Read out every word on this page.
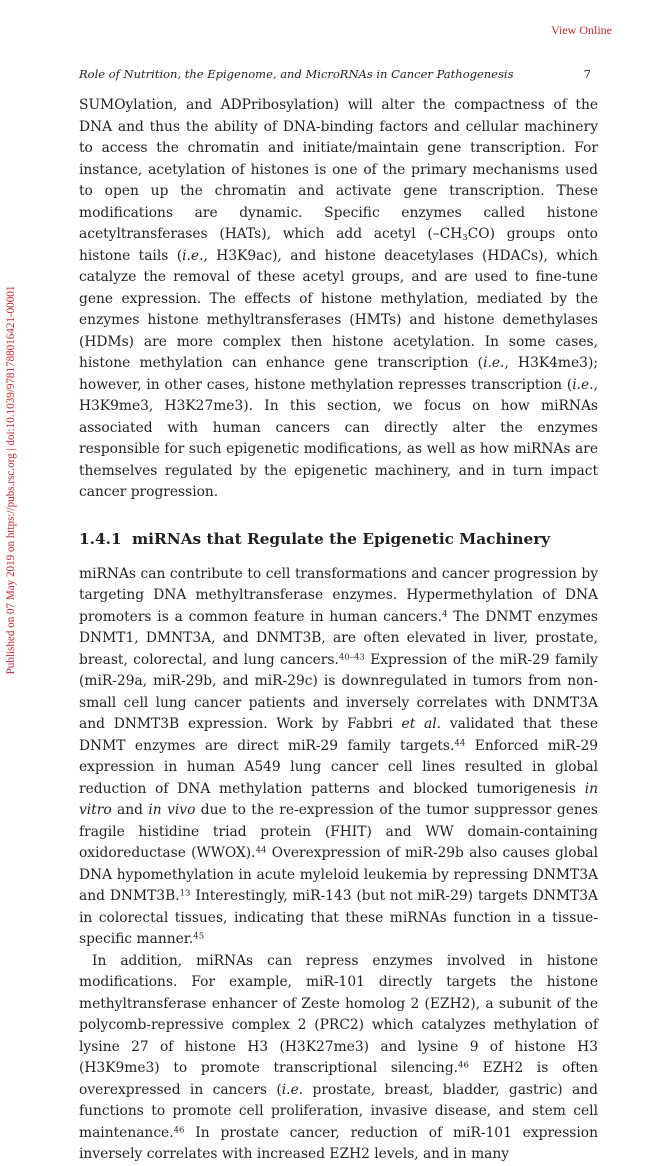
View Online
Published on 07 May 2019 on https://pubs.rsc.org | doi:10.1039/9781788016421-00001
Role of Nutrition, the Epigenome, and MicroRNAs in Cancer Pathogenesis	7

SUMOylation, and ADPribosylation) will alter the compactness of the DNA and thus the ability of DNA-binding factors and cellular machinery to access the chromatin and initiate/maintain gene transcription. For instance, acetylation of histones is one of the primary mechanisms used to open up the chromatin and activate gene transcription. These modifications are dynamic. Specific enzymes called histone acetyltransferases (HATs), which add acetyl $(-CH_3CO)$ groups onto histone tails (i.e., H3K9ac), and histone deacetylases (HDACs), which catalyze the removal of these acetyl groups, and are used to fine-tune gene expression. The effects of histone methylation, mediated by the enzymes histone methyltransferases (HMTs) and histone demethylases (HDMs) are more complex then histone acetylation. In some cases, histone methylation can enhance gene transcription (i.e., H3K4me3); however, in other cases, histone methylation represses transcription (i.e., H3K9me3, H3K27me3). In this section, we focus on how miRNAs associated with human cancers can directly alter the enzymes responsible for such epigenetic modifications, as well as how miRNAs are themselves regulated by the epigenetic machinery, and in turn impact cancer progression.

1.4.1 miRNAs that Regulate the Epigenetic Machinery

miRNAs can contribute to cell transformations and cancer progression by targeting DNA methyltransferase enzymes. Hypermethylation of DNA promoters is a common feature in human cancers.$^4$ The DNMT enzymes DNMT1, DMNT3A, and DNMT3B, are often elevated in liver, prostate, breast, colorectal, and lung cancers.$^{40-43}$ Expression of the miR-29 family (miR-29a, miR-29b, and miR-29c) is downregulated in tumors from non-small cell lung cancer patients and inversely correlates with DNMT3A and DNMT3B expression. Work by Fabbri et al. validated that these DNMT enzymes are direct miR-29 family targets.$^{44}$ Enforced miR-29 expression in human A549 lung cancer cell lines resulted in global reduction of DNA methylation patterns and blocked tumorigenesis in vitro and in vivo due to the re-expression of the tumor suppressor genes fragile histidine triad protein (FHIT) and WW domain-containing oxidoreductase (WWOX).$^{44}$ Overexpression of miR-29b also causes global DNA hypomethylation in acute myleloid leukemia by repressing DNMT3A and DNMT3B.$^{13}$ Interestingly, miR-143 (but not miR-29) targets DNMT3A in colorectal tissues, indicating that these miRNAs function in a tissue-specific manner.$^{45}$

In addition, miRNAs can repress enzymes involved in histone modifications. For example, miR-101 directly targets the histone methyltransferase enhancer of Zeste homolog 2 (EZH2), a subunit of the polycomb-repressive complex 2 (PRC2) which catalyzes methylation of lysine 27 of histone H3 (H3K27me3) and lysine 9 of histone H3 (H3K9me3) to promote transcriptional silencing.$^{46}$ EZH2 is often overexpressed in cancers (i.e. prostate, breast, bladder, gastric) and functions to promote cell proliferation, invasive disease, and stem cell maintenance.$^{46}$ In prostate cancer, reduction of miR-101 expression inversely correlates with increased EZH2 levels, and in many
